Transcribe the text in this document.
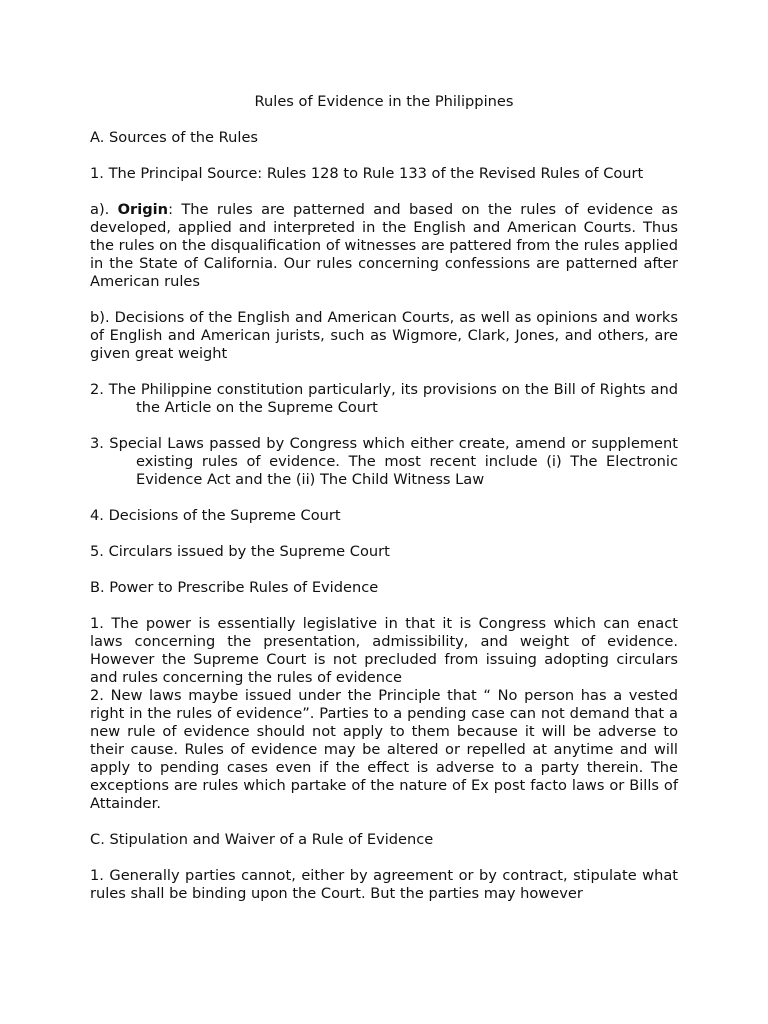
Rules of Evidence in the Philippines
A. Sources of the Rules
1. The Principal Source: Rules 128 to Rule 133 of the Revised Rules of Court
a). Origin: The rules are patterned and based on the rules of evidence as developed, applied and interpreted in the English and American Courts. Thus the rules on the disqualification of witnesses are pattered from the rules applied in the State of California. Our rules concerning confessions are patterned after American rules
b). Decisions of the English and American Courts, as well as opinions and works of English and American jurists, such as Wigmore, Clark, Jones, and others, are given great weight
2. The Philippine constitution particularly, its provisions on the Bill of Rights and the Article on the Supreme Court
3. Special Laws passed by Congress which either create, amend or supplement existing rules of evidence. The most recent include (i) The Electronic Evidence Act and the (ii) The Child Witness Law
4. Decisions of the Supreme Court
5. Circulars issued by the Supreme Court
B. Power to Prescribe Rules of Evidence
1. The power is essentially legislative in that it is Congress which can enact laws concerning the presentation, admissibility, and weight of evidence. However the Supreme Court is not precluded from issuing adopting circulars and rules concerning the rules of evidence
2. New laws maybe issued under the Principle that “ No person has a vested right in the rules of evidence”. Parties to a pending case can not demand that a new rule of evidence should not apply to them because it will be adverse to their cause. Rules of evidence may be altered or repelled at anytime and will apply to pending cases even if the effect is adverse to a party therein. The exceptions are rules which partake of the nature of Ex post facto laws or Bills of Attainder.
C. Stipulation and Waiver of a Rule of Evidence
1. Generally parties cannot, either by agreement or by contract, stipulate what rules shall be binding upon the Court. But the parties may however
